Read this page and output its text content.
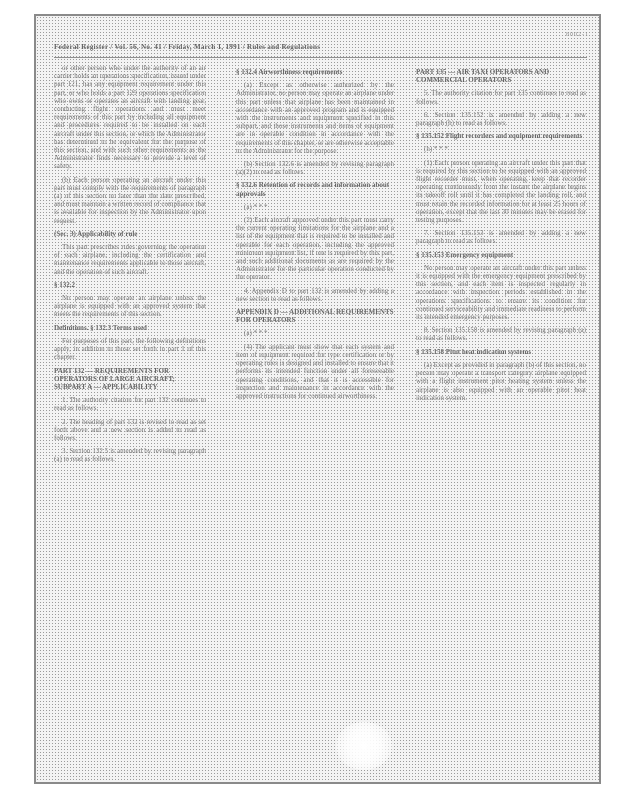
8002-1
Federal Register / Vol. 56, No. 41 / Friday, March 1, 1991 / Rules and Regulations
or other person who under the authority of an air carrier holds an operations specification, issued under part 121, has any equipment requirement under this part, or who holds a part 129 operations specification who owns or operates an aircraft with landing gear, conducting flight operations and must meet requirements of this part by including all equipment and procedures required to be installed on each aircraft under this section, or which the Administrator has determined to be equivalent for the purpose of this section, and with such other requirements as the Administrator finds necessary to provide a level of safety.
(b) Each person operating an aircraft under this part must comply with the requirements of paragraph (a) of this section no later than the date prescribed, and must maintain a written record of compliance that is available for inspection by the Administrator upon request.
(Sec. 3) Applicability of rule
This part prescribes rules governing the operation of each airplane, including the certification and maintenance requirements applicable to those aircraft, and the operation of such aircraft.
§ 132.2
No person may operate an airplane unless the airplane is equipped with an approved system that meets the requirements of this section.
Definitions. § 132.3 Terms used
For purposes of this part, the following definitions apply, in addition to those set forth in part 1 of this chapter.
PART 132 — REQUIREMENTS FOR OPERATORS OF LARGE AIRCRAFT; SUBPART A — APPLICABILITY
1. The authority citation for part 132 continues to read as follows.
2. The heading of part 132 is revised to read as set forth above and a new section is added to read as follows.
3. Section 132.5 is amended by revising paragraph (a) to read as follows.
§ 132.4 Airworthiness requirements
(a) Except as otherwise authorized by the Administrator, no person may operate an airplane under this part unless that airplane has been maintained in accordance with an approved program and is equipped with the instruments and equipment specified in this subpart, and those instruments and items of equipment are in operable condition in accordance with the requirements of this chapter, or are otherwise acceptable to the Administrator for the purpose.
(b) Section 132.6 is amended by revising paragraph (a)(2) to read as follows.
§ 132.6 Retention of records and information about approvals
(a) * * *
(2) Each aircraft approved under this part must carry the current operating limitations for the airplane and a list of the equipment that is required to be installed and operable for each operation, including the approved minimum equipment list, if one is required by this part, and such additional documents as are required by the Administrator for the particular operation conducted by the operator.
4. Appendix D to part 132 is amended by adding a new section to read as follows.
APPENDIX D — ADDITIONAL REQUIREMENTS FOR OPERATORS
(a) * * *
(4) The applicant must show that each system and item of equipment required for type certification or by operating rules is designed and installed to ensure that it performs its intended function under all foreseeable operating conditions, and that it is accessible for inspection and maintenance in accordance with the approved instructions for continued airworthiness.
PART 135 — AIR TAXI OPERATORS AND COMMERCIAL OPERATORS
5. The authority citation for part 135 continues to read as follows.
6. Section 135.152 is amended by adding a new paragraph (h) to read as follows.
§ 135.152 Flight recorders and equipment requirements
(h) * * *
(1) Each person operating an aircraft under this part that is required by this section to be equipped with an approved flight recorder must, when operating, keep that recorder operating continuously from the instant the airplane begins its takeoff roll until it has completed the landing roll, and must retain the recorded information for at least 25 hours of operation, except that the last 30 minutes may be erased for testing purposes.
7. Section 135.153 is amended by adding a new paragraph to read as follows.
§ 135.153 Emergency equipment
No person may operate an aircraft under this part unless it is equipped with the emergency equipment prescribed by this section, and each item is inspected regularly in accordance with inspection periods established in the operations specifications to ensure its condition for continued serviceability and immediate readiness to perform its intended emergency purposes.
8. Section 135.158 is amended by revising paragraph (a) to read as follows.
§ 135.158 Pitot heat indication systems
(a) Except as provided in paragraph (b) of this section, no person may operate a transport category airplane equipped with a flight instrument pitot heating system unless the airplane is also equipped with an operable pitot heat indication system.
